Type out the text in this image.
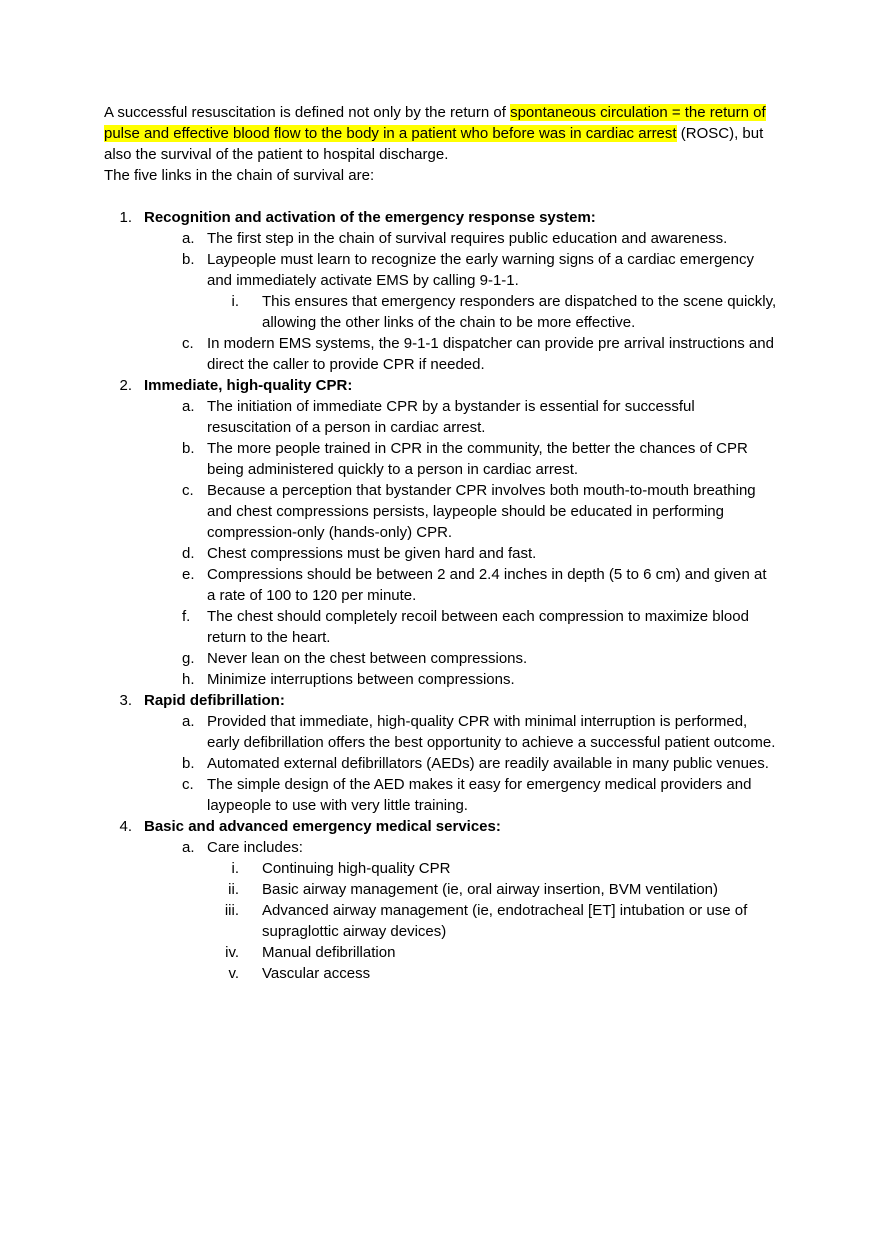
A successful resuscitation is defined not only by the return of spontaneous circulation = the return of pulse and effective blood flow to the body in a patient who before was in cardiac arrest (ROSC), but also the survival of the patient to hospital discharge.

The five links in the chain of survival are:

1. Recognition and activation of the emergency response system:
a. The first step in the chain of survival requires public education and awareness.
b. Laypeople must learn to recognize the early warning signs of a cardiac emergency and immediately activate EMS by calling 9-1-1.
i.	This ensures that emergency responders are dispatched to the scene quickly, allowing the other links of the chain to be more effective.
c. In modern EMS systems, the 9-1-1 dispatcher can provide pre arrival instructions and direct the caller to provide CPR if needed.
2. Immediate, high-quality CPR:
a. The initiation of immediate CPR by a bystander is essential for successful resuscitation of a person in cardiac arrest.
b. The more people trained in CPR in the community, the better the chances of CPR being administered quickly to a person in cardiac arrest.
c. Because a perception that bystander CPR involves both mouth-to-mouth breathing and chest compressions persists, laypeople should be educated in performing compression-only (hands-only) CPR.
d. Chest compressions must be given hard and fast.
e. Compressions should be between 2 and 2.4 inches in depth (5 to 6 cm) and given at a rate of 100 to 120 per minute.
f.	The chest should completely recoil between each compression to maximize blood return to the heart.
g. Never lean on the chest between compressions.
h. Minimize interruptions between compressions.
3. Rapid defibrillation:
a. Provided that immediate, high-quality CPR with minimal interruption is performed, early defibrillation offers the best opportunity to achieve a successful patient outcome.
b. Automated external defibrillators (AEDs) are readily available in many public venues.
c. The simple design of the AED makes it easy for emergency medical providers and laypeople to use with very little training.
4. Basic and advanced emergency medical services:
a. Care includes:
i.	Continuing high-quality CPR
ii.	Basic airway management (ie, oral airway insertion, BVM ventilation)
iii.	Advanced airway management (ie, endotracheal [ET] intubation or use of supraglottic airway devices)
iv.	Manual defibrillation
v.	Vascular access
